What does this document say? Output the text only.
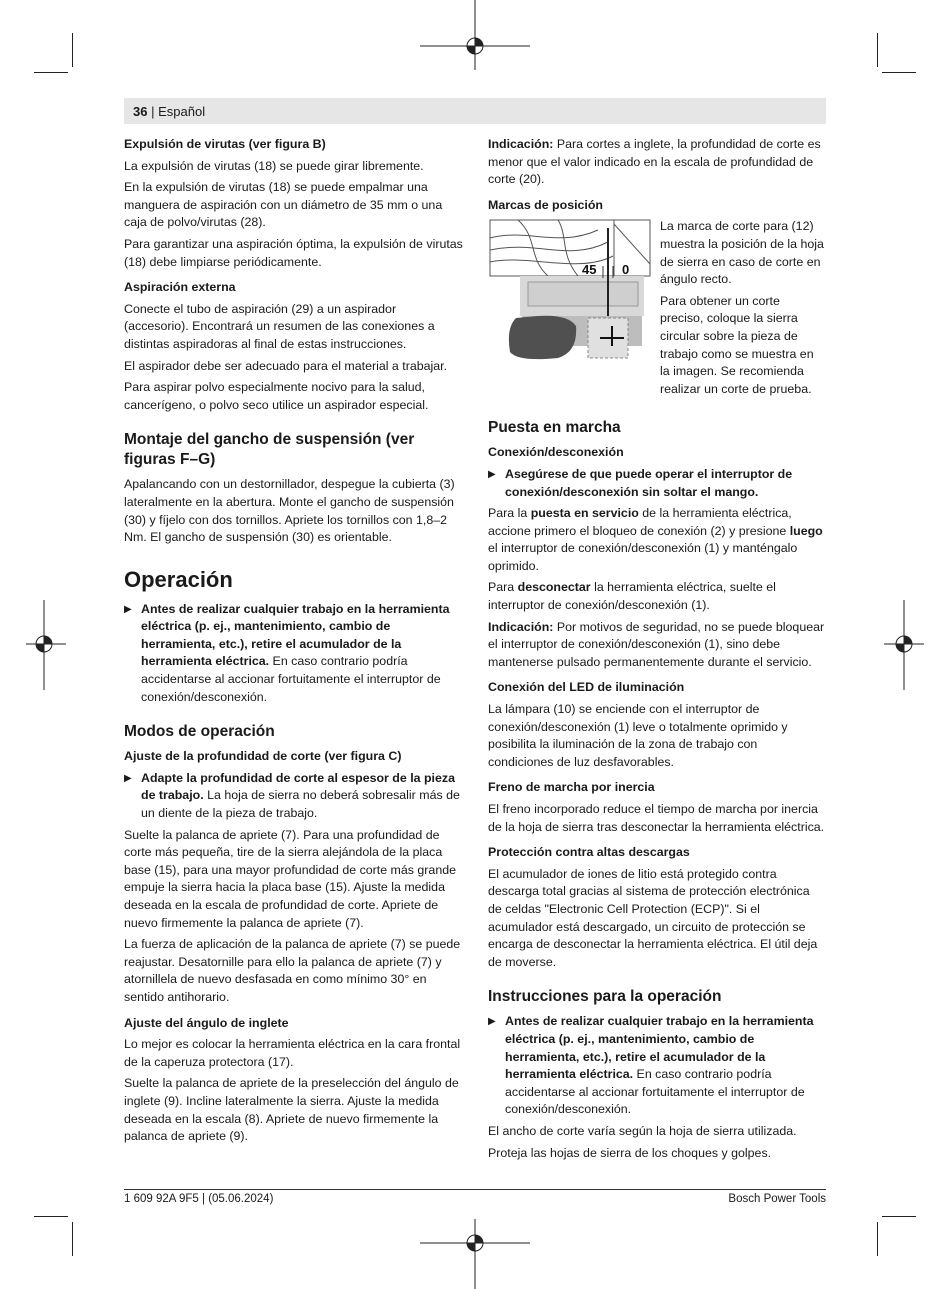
36 | Español
Expulsión de virutas (ver figura B)

La expulsión de virutas (18) se puede girar libremente.

En la expulsión de virutas (18) se puede empalmar una manguera de aspiración con un diámetro de 35 mm o una caja de polvo/virutas (28).

Para garantizar una aspiración óptima, la expulsión de virutas (18) debe limpiarse periódicamente.

Aspiración externa

Conecte el tubo de aspiración (29) a un aspirador (accesorio). Encontrará un resumen de las conexiones a distintas aspiradoras al final de estas instrucciones.

El aspirador debe ser adecuado para el material a trabajar.

Para aspirar polvo especialmente nocivo para la salud, cancerígeno, o polvo seco utilice un aspirador especial.

Montaje del gancho de suspensión (ver figuras F–G)

Apalancando con un destornillador, despegue la cubierta (3) lateralmente en la abertura. Monte el gancho de suspensión (30) y fíjelo con dos tornillos. Apriete los tornillos con 1,8–2 Nm. El gancho de suspensión (30) es orientable.

Operación
▶ Antes de realizar cualquier trabajo en la herramienta eléctrica (p. ej., mantenimiento, cambio de herramienta, etc.), retire el acumulador de la herramienta eléctrica. En caso contrario podría accidentarse al accionar fortuitamente el interruptor de conexión/desconexión.
Modos de operación
Ajuste de la profundidad de corte (ver figura C)
▶ Adapte la profundidad de corte al espesor de la pieza de trabajo. La hoja de sierra no deberá sobresalir más de un diente de la pieza de trabajo.

Suelte la palanca de apriete (7). Para una profundidad de corte más pequeña, tire de la sierra alejándola de la placa base (15), para una mayor profundidad de corte más grande empuje la sierra hacia la placa base (15). Ajuste la medida deseada en la escala de profundidad de corte. Apriete de nuevo firmemente la palanca de apriete (7).

La fuerza de aplicación de la palanca de apriete (7) se puede reajustar. Desatornille para ello la palanca de apriete (7) y atornillela de nuevo desfasada en como mínimo 30° en sentido antihorario.

Ajuste del ángulo de inglete

Lo mejor es colocar la herramienta eléctrica en la cara frontal de la caperuza protectora (17).

Suelte la palanca de apriete de la preselección del ángulo de inglete (9). Incline lateralmente la sierra. Ajuste la medida deseada en la escala (8). Apriete de nuevo firmemente la palanca de apriete (9).

Indicación: Para cortes a inglete, la profundidad de corte es menor que el valor indicado en la escala de profundidad de corte (20).

Marcas de posición
45 0

La marca de corte para (12) muestra la posición de la hoja de sierra en caso de corte en ángulo recto.

Para obtener un corte preciso, coloque la sierra circular sobre la pieza de trabajo como se muestra en la imagen. Se recomienda realizar un corte de prueba.

Puesta en marcha
Conexión/desconexión
▶ Asegúrese de que puede operar el interruptor de conexión/desconexión sin soltar el mango.

Para la puesta en servicio de la herramienta eléctrica, accione primero el bloqueo de conexión (2) y presione luego el interruptor de conexión/desconexión (1) y manténgalo oprimido.

Para desconectar la herramienta eléctrica, suelte el interruptor de conexión/desconexión (1).

Indicación: Por motivos de seguridad, no se puede bloquear el interruptor de conexión/desconexión (1), sino debe mantenerse pulsado permanentemente durante el servicio.

Conexión del LED de iluminación

La lámpara (10) se enciende con el interruptor de conexión/desconexión (1) leve o totalmente oprimido y posibilita la iluminación de la zona de trabajo con condiciones de luz desfavorables.

Freno de marcha por inercia

El freno incorporado reduce el tiempo de marcha por inercia de la hoja de sierra tras desconectar la herramienta eléctrica.

Protección contra altas descargas

El acumulador de iones de litio está protegido contra descarga total gracias al sistema de protección electrónica de celdas "Electronic Cell Protection (ECP)". Si el acumulador está descargado, un circuito de protección se encarga de desconectar la herramienta eléctrica. El útil deja de moverse.

Instrucciones para la operación
▶ Antes de realizar cualquier trabajo en la herramienta eléctrica (p. ej., mantenimiento, cambio de herramienta, etc.), retire el acumulador de la herramienta eléctrica. En caso contrario podría accidentarse al accionar fortuitamente el interruptor de conexión/desconexión.

El ancho de corte varía según la hoja de sierra utilizada.

Proteja las hojas de sierra de los choques y golpes.

1 609 92A 9F5 | (05.06.2024)	Bosch Power Tools
